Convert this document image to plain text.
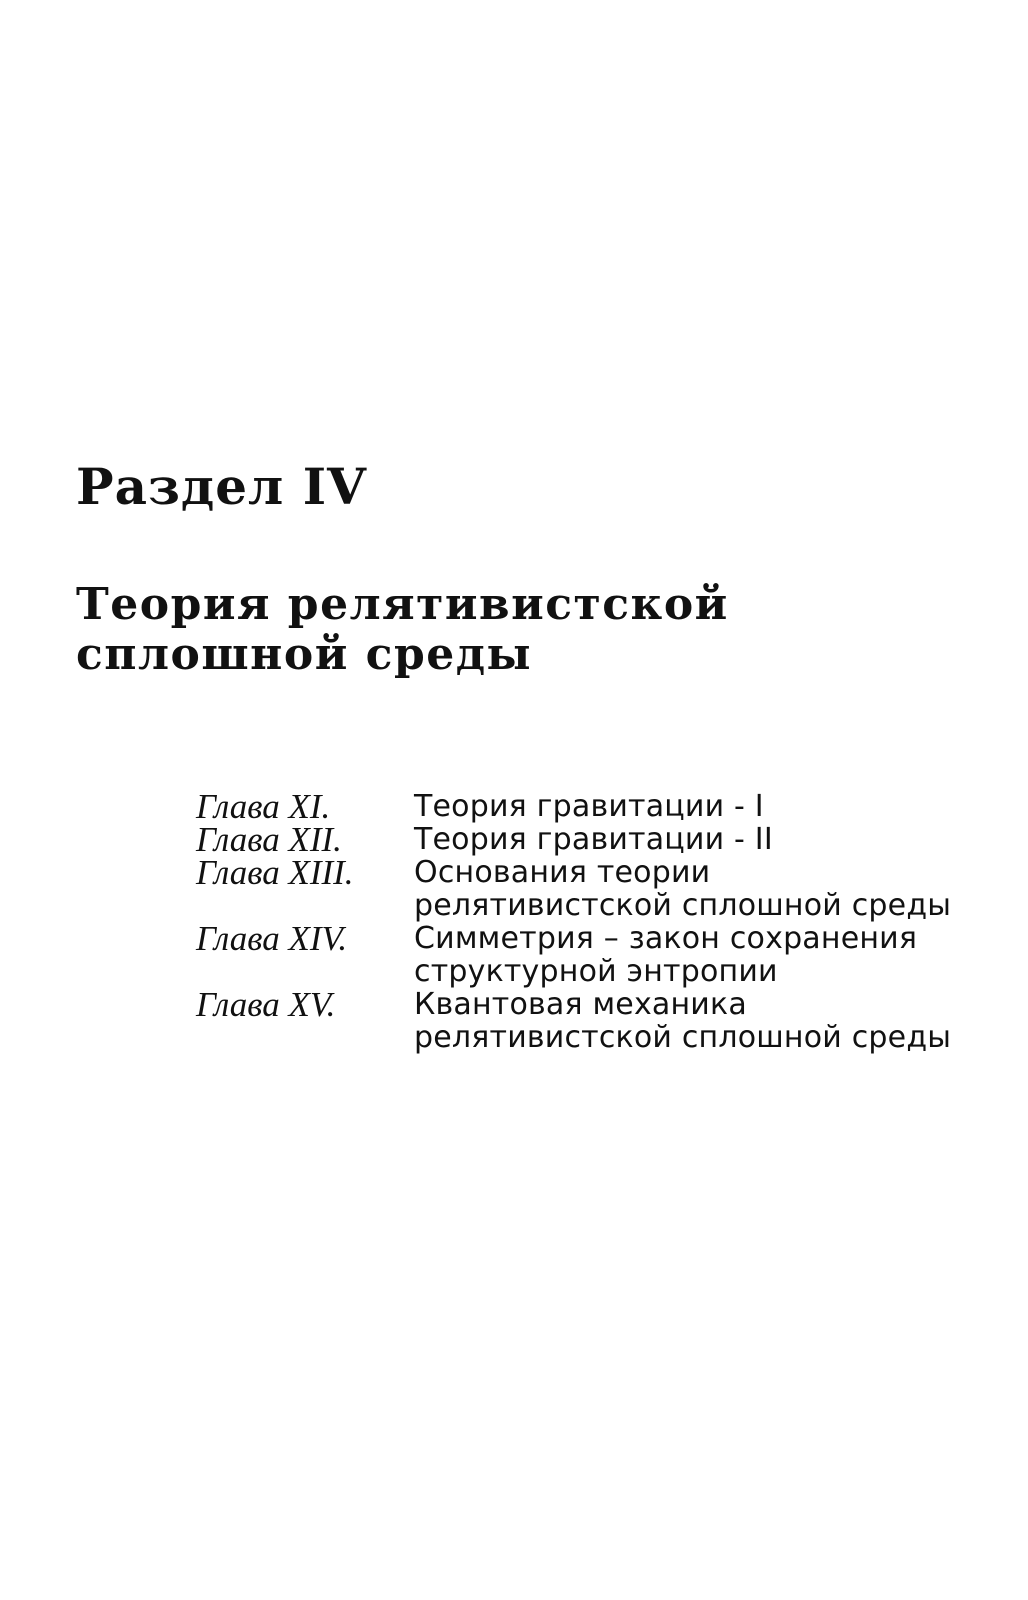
Раздел IV
Теория релятивистской
сплошной среды
Глава XI.	Теория гравитации - I
Глава XII.	Теория гравитации - II
Глава XIII.	Основания теории
релятивистской сплошной среды
Глава XIV.	Симметрия – закон сохранения
структурной энтропии
Глава XV.	Квантовая механика
релятивистской сплошной среды
